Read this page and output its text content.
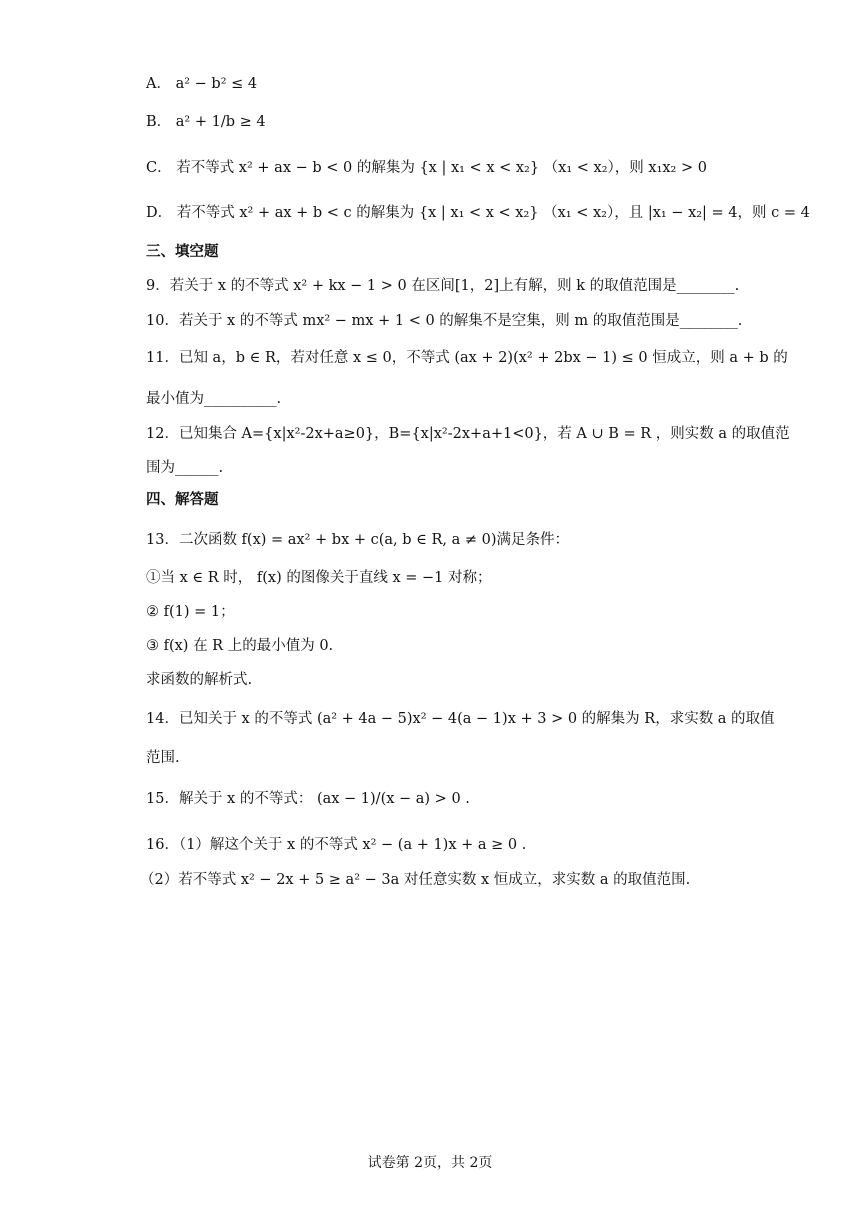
A． a² − b² ≤ 4
B． a² + 1/b ≥ 4
C． 若不等式 x² + ax − b < 0 的解集为 {x | x₁ < x < x₂} （x₁ < x₂），则 x₁x₂ > 0
D． 若不等式 x² + ax + b < c 的解集为 {x | x₁ < x < x₂} （x₁ < x₂），且 |x₁ − x₂| = 4，则 c = 4
三、填空题
9．若关于 x 的不等式 x² + kx − 1 > 0 在区间[1，2]上有解，则 k 的取值范围是________.
10．若关于 x 的不等式 mx² − mx + 1 < 0 的解集不是空集，则 m 的取值范围是________.
11．已知 a，b ∈ R，若对任意 x ≤ 0，不等式 (ax + 2)(x² + 2bx − 1) ≤ 0 恒成立，则 a + b 的
最小值为__________.
12．已知集合 A={x|x²-2x+a≥0}，B={x|x²-2x+a+1<0}，若 A ∪ B = R ，则实数 a 的取值范
围为______.
四、解答题
13．二次函数 f(x) = ax² + bx + c(a, b ∈ R, a ≠ 0)满足条件：
①当 x ∈ R 时， f(x) 的图像关于直线 x = −1 对称；
② f(1) = 1；
③ f(x) 在 R 上的最小值为 0.
求函数的解析式.
14．已知关于 x 的不等式 (a² + 4a − 5)x² − 4(a − 1)x + 3 > 0 的解集为 R，求实数 a 的取值
范围.
15．解关于 x 的不等式： (ax − 1)/(x − a) > 0 .
16．（1）解这个关于 x 的不等式 x² − (a + 1)x + a ≥ 0 .
（2）若不等式 x² − 2x + 5 ≥ a² − 3a 对任意实数 x 恒成立，求实数 a 的取值范围.
试卷第 2页，共 2页
